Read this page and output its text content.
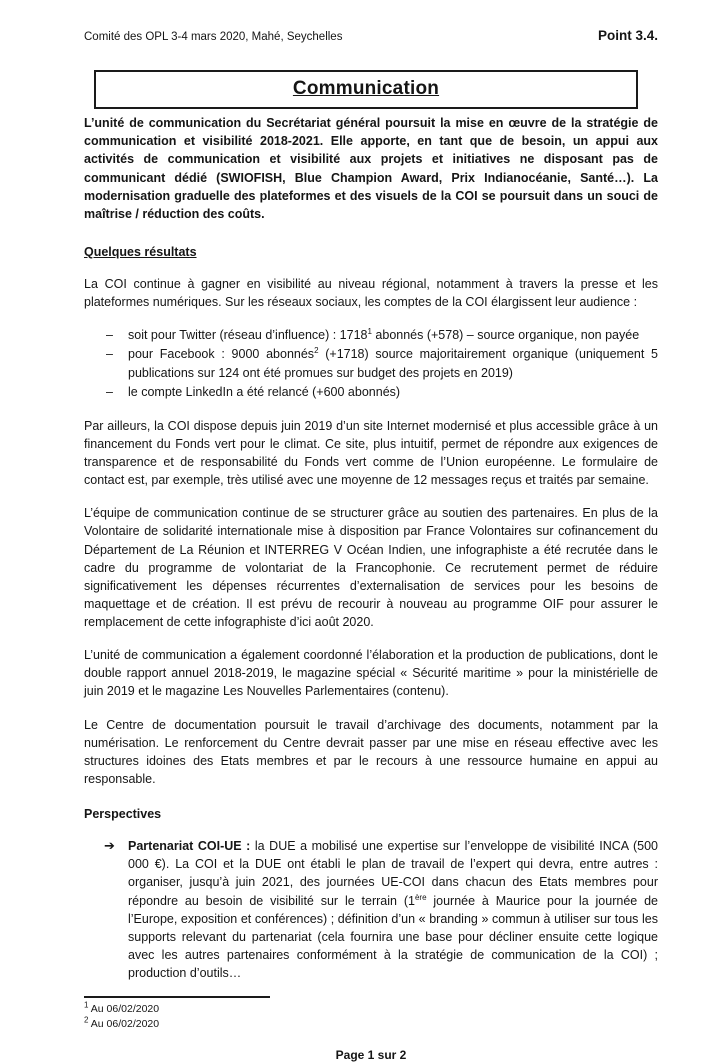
Comité des OPL 3-4 mars 2020, Mahé, Seychelles	Point 3.4.
Communication

L’unité de communication du Secrétariat général poursuit la mise en œuvre de la stratégie de communication et visibilité 2018-2021. Elle apporte, en tant que de besoin, un appui aux activités de communication et visibilité aux projets et initiatives ne disposant pas de communicant dédié (SWIOFISH, Blue Champion Award, Prix Indianocéanie, Santé…). La modernisation graduelle des plateformes et des visuels de la COI se poursuit dans un souci de maîtrise / réduction des coûts.

Quelques résultats

La COI continue à gagner en visibilité au niveau régional, notamment à travers la presse et les plateformes numériques. Sur les réseaux sociaux, les comptes de la COI élargissent leur audience :

–	soit pour Twitter (réseau d’influence) : 1718$^1$ abonnés (+578) – source organique, non payée
–	pour Facebook : 9000 abonnés$^2$ (+1718) source majoritairement organique (uniquement 5 publications sur 124 ont été promues sur budget des projets en 2019)
–	le compte LinkedIn a été relancé (+600 abonnés)

Par ailleurs, la COI dispose depuis juin 2019 d’un site Internet modernisé et plus accessible grâce à un financement du Fonds vert pour le climat. Ce site, plus intuitif, permet de répondre aux exigences de transparence et de responsabilité du Fonds vert comme de l’Union européenne. Le formulaire de contact est, par exemple, très utilisé avec une moyenne de 12 messages reçus et traités par semaine.

L’équipe de communication continue de se structurer grâce au soutien des partenaires. En plus de la Volontaire de solidarité internationale mise à disposition par France Volontaires sur cofinancement du Département de La Réunion et INTERREG V Océan Indien, une infographiste a été recrutée dans le cadre du programme de volontariat de la Francophonie. Ce recrutement permet de réduire significativement les dépenses récurrentes d’externalisation de services pour les besoins de maquettage et de création. Il est prévu de recourir à nouveau au programme OIF pour assurer le remplacement de cette infographiste d’ici août 2020.

L’unité de communication a également coordonné l’élaboration et la production de publications, dont le double rapport annuel 2018-2019, le magazine spécial « Sécurité maritime » pour la ministérielle de juin 2019 et le magazine Les Nouvelles Parlementaires (contenu).

Le Centre de documentation poursuit le travail d’archivage des documents, notamment par la numérisation. Le renforcement du Centre devrait passer par une mise en réseau effective avec les structures idoines des Etats membres et par le recours à une ressource humaine en appui au responsable.

Perspectives
➔	Partenariat COI-UE : la DUE a mobilisé une expertise sur l’enveloppe de visibilité INCA (500 000 €). La COI et la DUE ont établi le plan de travail de l’expert qui devra, entre autres : organiser, jusqu’à juin 2021, des journées UE-COI dans chacun des Etats membres pour répondre au besoin de visibilité sur le terrain (1ère journée à Maurice pour la journée de l’Europe, exposition et conférences) ; définition d’un « branding » commun à utiliser sur tous les supports relevant du partenariat (cela fournira une base pour décliner ensuite cette logique avec les autres partenaires conformément à la stratégie de communication de la COI) ; production d’outils…
$^1$ Au 06/02/2020
$^2$ Au 06/02/2020
Page 1 sur 2
